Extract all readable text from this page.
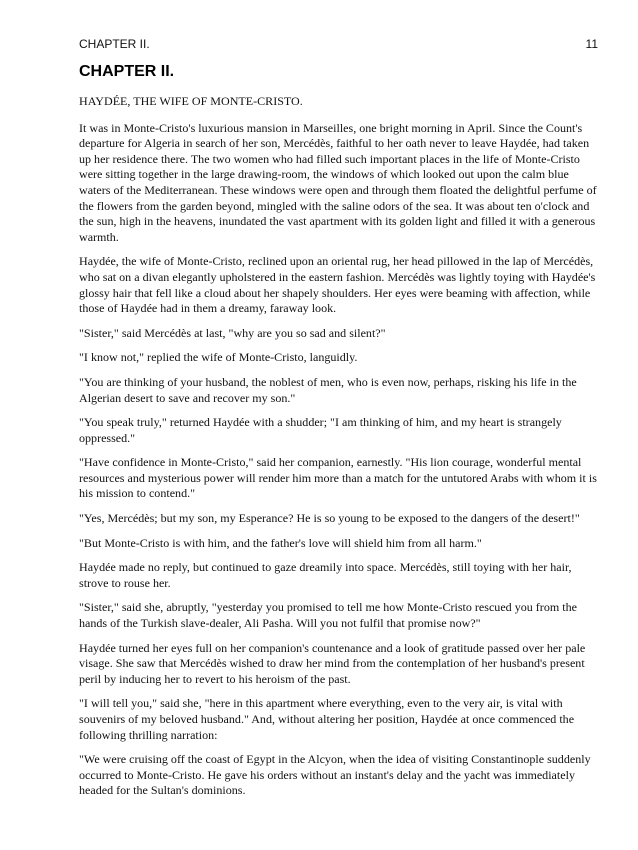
CHAPTER II.	11
CHAPTER II.
HAYDÉE, THE WIFE OF MONTE-CRISTO.

It was in Monte-Cristo's luxurious mansion in Marseilles, one bright morning in April. Since the Count's departure for Algeria in search of her son, Mercédès, faithful to her oath never to leave Haydée, had taken up her residence there. The two women who had filled such important places in the life of Monte-Cristo were sitting together in the large drawing-room, the windows of which looked out upon the calm blue waters of the Mediterranean. These windows were open and through them floated the delightful perfume of the flowers from the garden beyond, mingled with the saline odors of the sea. It was about ten o'clock and the sun, high in the heavens, inundated the vast apartment with its golden light and filled it with a generous warmth.

Haydée, the wife of Monte-Cristo, reclined upon an oriental rug, her head pillowed in the lap of Mercédès, who sat on a divan elegantly upholstered in the eastern fashion. Mercédès was lightly toying with Haydée's glossy hair that fell like a cloud about her shapely shoulders. Her eyes were beaming with affection, while those of Haydée had in them a dreamy, faraway look.

"Sister," said Mercédès at last, "why are you so sad and silent?"

"I know not," replied the wife of Monte-Cristo, languidly.

"You are thinking of your husband, the noblest of men, who is even now, perhaps, risking his life in the Algerian desert to save and recover my son."

"You speak truly," returned Haydée with a shudder; "I am thinking of him, and my heart is strangely oppressed."

"Have confidence in Monte-Cristo," said her companion, earnestly. "His lion courage, wonderful mental resources and mysterious power will render him more than a match for the untutored Arabs with whom it is his mission to contend."

"Yes, Mercédès; but my son, my Esperance? He is so young to be exposed to the dangers of the desert!"

"But Monte-Cristo is with him, and the father's love will shield him from all harm."

Haydée made no reply, but continued to gaze dreamily into space. Mercédès, still toying with her hair, strove to rouse her.

"Sister," said she, abruptly, "yesterday you promised to tell me how Monte-Cristo rescued you from the hands of the Turkish slave-dealer, Ali Pasha. Will you not fulfil that promise now?"

Haydée turned her eyes full on her companion's countenance and a look of gratitude passed over her pale visage. She saw that Mercédès wished to draw her mind from the contemplation of her husband's present peril by inducing her to revert to his heroism of the past.

"I will tell you," said she, "here in this apartment where everything, even to the very air, is vital with souvenirs of my beloved husband." And, without altering her position, Haydée at once commenced the following thrilling narration:

"We were cruising off the coast of Egypt in the Alcyon, when the idea of visiting Constantinople suddenly occurred to Monte-Cristo. He gave his orders without an instant's delay and the yacht was immediately headed for the Sultan's dominions.
